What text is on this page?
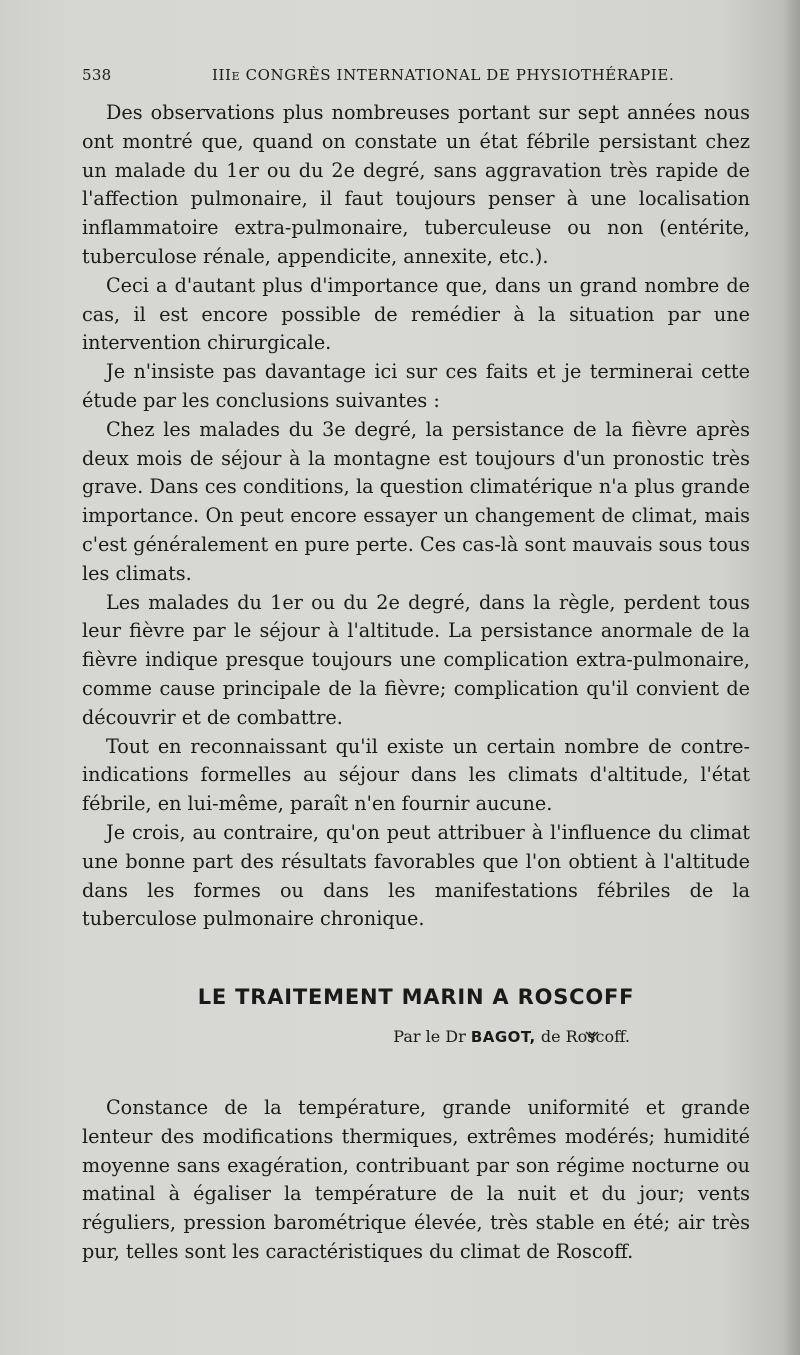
538	IIIe CONGRÈS INTERNATIONAL DE PHYSIOTHÉRAPIE.

Des observations plus nombreuses portant sur sept années nous ont montré que, quand on constate un état fébrile persistant chez un malade du 1er ou du 2e degré, sans aggravation très rapide de l'affection pulmonaire, il faut toujours penser à une localisation inflammatoire extra-pulmonaire, tuberculeuse ou non (entérite, tuberculose rénale, appendicite, annexite, etc.).

Ceci a d'autant plus d'importance que, dans un grand nombre de cas, il est encore possible de remédier à la situation par une intervention chirurgicale.

Je n'insiste pas davantage ici sur ces faits et je terminerai cette étude par les conclusions suivantes :

Chez les malades du 3e degré, la persistance de la fièvre après deux mois de séjour à la montagne est toujours d'un pronostic très grave. Dans ces conditions, la question climatérique n'a plus grande importance. On peut encore essayer un changement de climat, mais c'est généralement en pure perte. Ces cas-là sont mauvais sous tous les climats.

Les malades du 1er ou du 2e degré, dans la règle, perdent tous leur fièvre par le séjour à l'altitude. La persistance anormale de la fièvre indique presque toujours une complication extra-pulmonaire, comme cause principale de la fièvre; complication qu'il convient de découvrir et de combattre.

Tout en reconnaissant qu'il existe un certain nombre de contre-indications formelles au séjour dans les climats d'altitude, l'état fébrile, en lui-même, paraît n'en fournir aucune.

Je crois, au contraire, qu'on peut attribuer à l'influence du climat une bonne part des résultats favorables que l'on obtient à l'altitude dans les formes ou dans les manifestations fébriles de la tuberculose pulmonaire chronique.

LE TRAITEMENT MARIN A ROSCOFF
Par le Dr BAGOT, de Roscoff.

Constance de la température, grande uniformité et grande lenteur des modifications thermiques, extrêmes modérés; humidité moyenne sans exagération, contribuant par son régime nocturne ou matinal à égaliser la température de la nuit et du jour; vents réguliers, pression barométrique élevée, très stable en été; air très pur, telles sont les caractéristiques du climat de Roscoff.
